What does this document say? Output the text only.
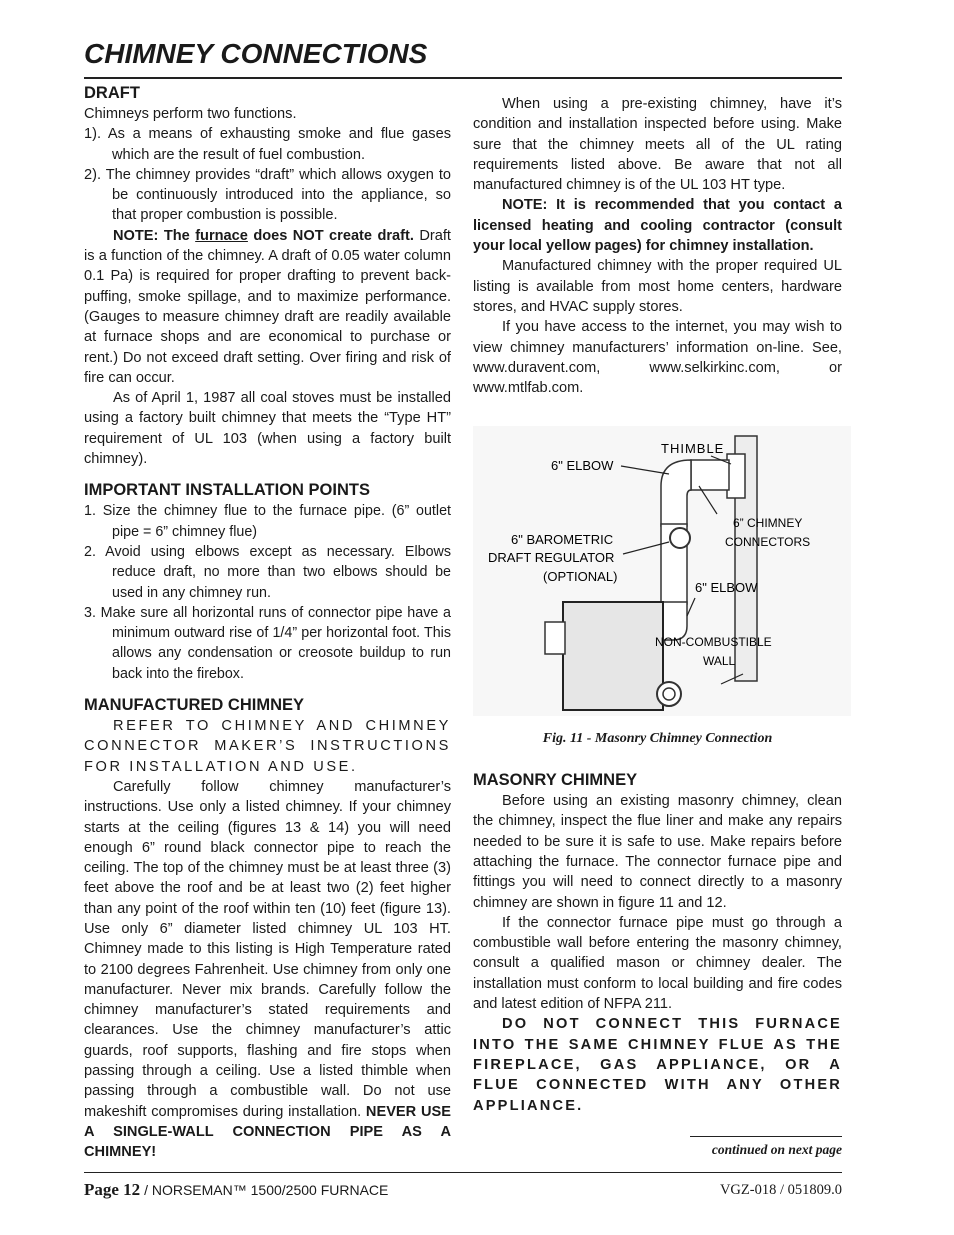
CHIMNEY CONNECTIONS
DRAFT

Chimneys perform two functions.

1). As a means of exhausting smoke and flue gases which are the result of fuel combustion.

2). The chimney provides “draft” which allows oxygen to be continuously introduced into the appliance, so that proper combustion is possible.

NOTE: The furnace does NOT create draft. Draft is a function of the chimney. A draft of 0.05 water column 0.1 Pa) is required for proper drafting to prevent back-puffing, smoke spillage, and to maximize performance. (Gauges to measure chimney draft are readily available at furnace shops and are economical to purchase or rent.) Do not exceed draft setting. Over firing and risk of fire can occur.

As of April 1, 1987 all coal stoves must be installed using a factory built chimney that meets the “Type HT” requirement of UL 103 (when using a factory built chimney).

IMPORTANT INSTALLATION POINTS

1. Size the chimney flue to the furnace pipe. (6” outlet pipe = 6” chimney flue)

2. Avoid using elbows except as necessary. Elbows reduce draft, no more than two elbows should be used in any chimney run.

3. Make sure all horizontal runs of connector pipe have a minimum outward rise of 1/4” per horizontal foot. This allows any condensation or creosote buildup to run back into the firebox.

MANUFACTURED CHIMNEY

REFER TO CHIMNEY AND CHIMNEY CONNECTOR MAKER’S INSTRUCTIONS FOR INSTALLATION AND USE.

Carefully follow chimney manufacturer’s instructions. Use only a listed chimney. If your chimney starts at the ceiling (figures 13 & 14) you will need enough 6” round black connector pipe to reach the ceiling. The top of the chimney must be at least three (3) feet above the roof and be at least two (2) feet higher than any point of the roof within ten (10) feet (figure 13). Use only 6” diameter listed chimney UL 103 HT. Chimney made to this listing is High Temperature rated to 2100 degrees Fahrenheit. Use chimney from only one manufacturer. Never mix brands. Carefully follow the chimney manufacturer’s stated requirements and clearances. Use the chimney manufacturer’s attic guards, roof supports, flashing and fire stops when passing through a ceiling. Use a listed thimble when passing through a combustible wall. Do not use makeshift compromises during installation. NEVER USE A SINGLE-WALL CONNECTION PIPE AS A CHIMNEY!

When using a pre-existing chimney, have it’s condition and installation inspected before using. Make sure that the chimney meets all of the UL rating requirements listed above. Be aware that not all manufactured chimney is of the UL 103 HT type.

NOTE: It is recommended that you contact a licensed heating and cooling contractor (consult your local yellow pages) for chimney installation.

Manufactured chimney with the proper required UL listing is available from most home centers, hardware stores, and HVAC supply stores.

If you have access to the internet, you may wish to view chimney manufacturers’ information on-line. See, www.duravent.com, www.selkirkinc.com, or www.mtlfab.com.

THIMBLE
6" ELBOW
6” CHIMNEY
CONNECTORS
6" BAROMETRIC
DRAFT REGULATOR
(OPTIONAL)
6" ELBOW
NON-COMBUSTIBLE
WALL
Fig. 11 - Masonry Chimney Connection
MASONRY CHIMNEY

Before using an existing masonry chimney, clean the chimney, inspect the flue liner and make any repairs needed to be sure it is safe to use. Make repairs before attaching the furnace. The connector furnace pipe and fittings you will need to connect directly to a masonry chimney are shown in figure 11 and 12.

If the connector furnace pipe must go through a combustible wall before entering the masonry chimney, consult a qualified mason or chimney dealer. The installation must conform to local building and fire codes and latest edition of NFPA 211.

DO NOT CONNECT THIS FURNACE INTO THE SAME CHIMNEY FLUE AS THE FIREPLACE, GAS APPLIANCE, OR A FLUE CONNECTED WITH ANY OTHER APPLIANCE.

continued on next page
Page 12 / NORSEMAN™ 1500/2500 FURNACE	VGZ-018 / 051809.0
